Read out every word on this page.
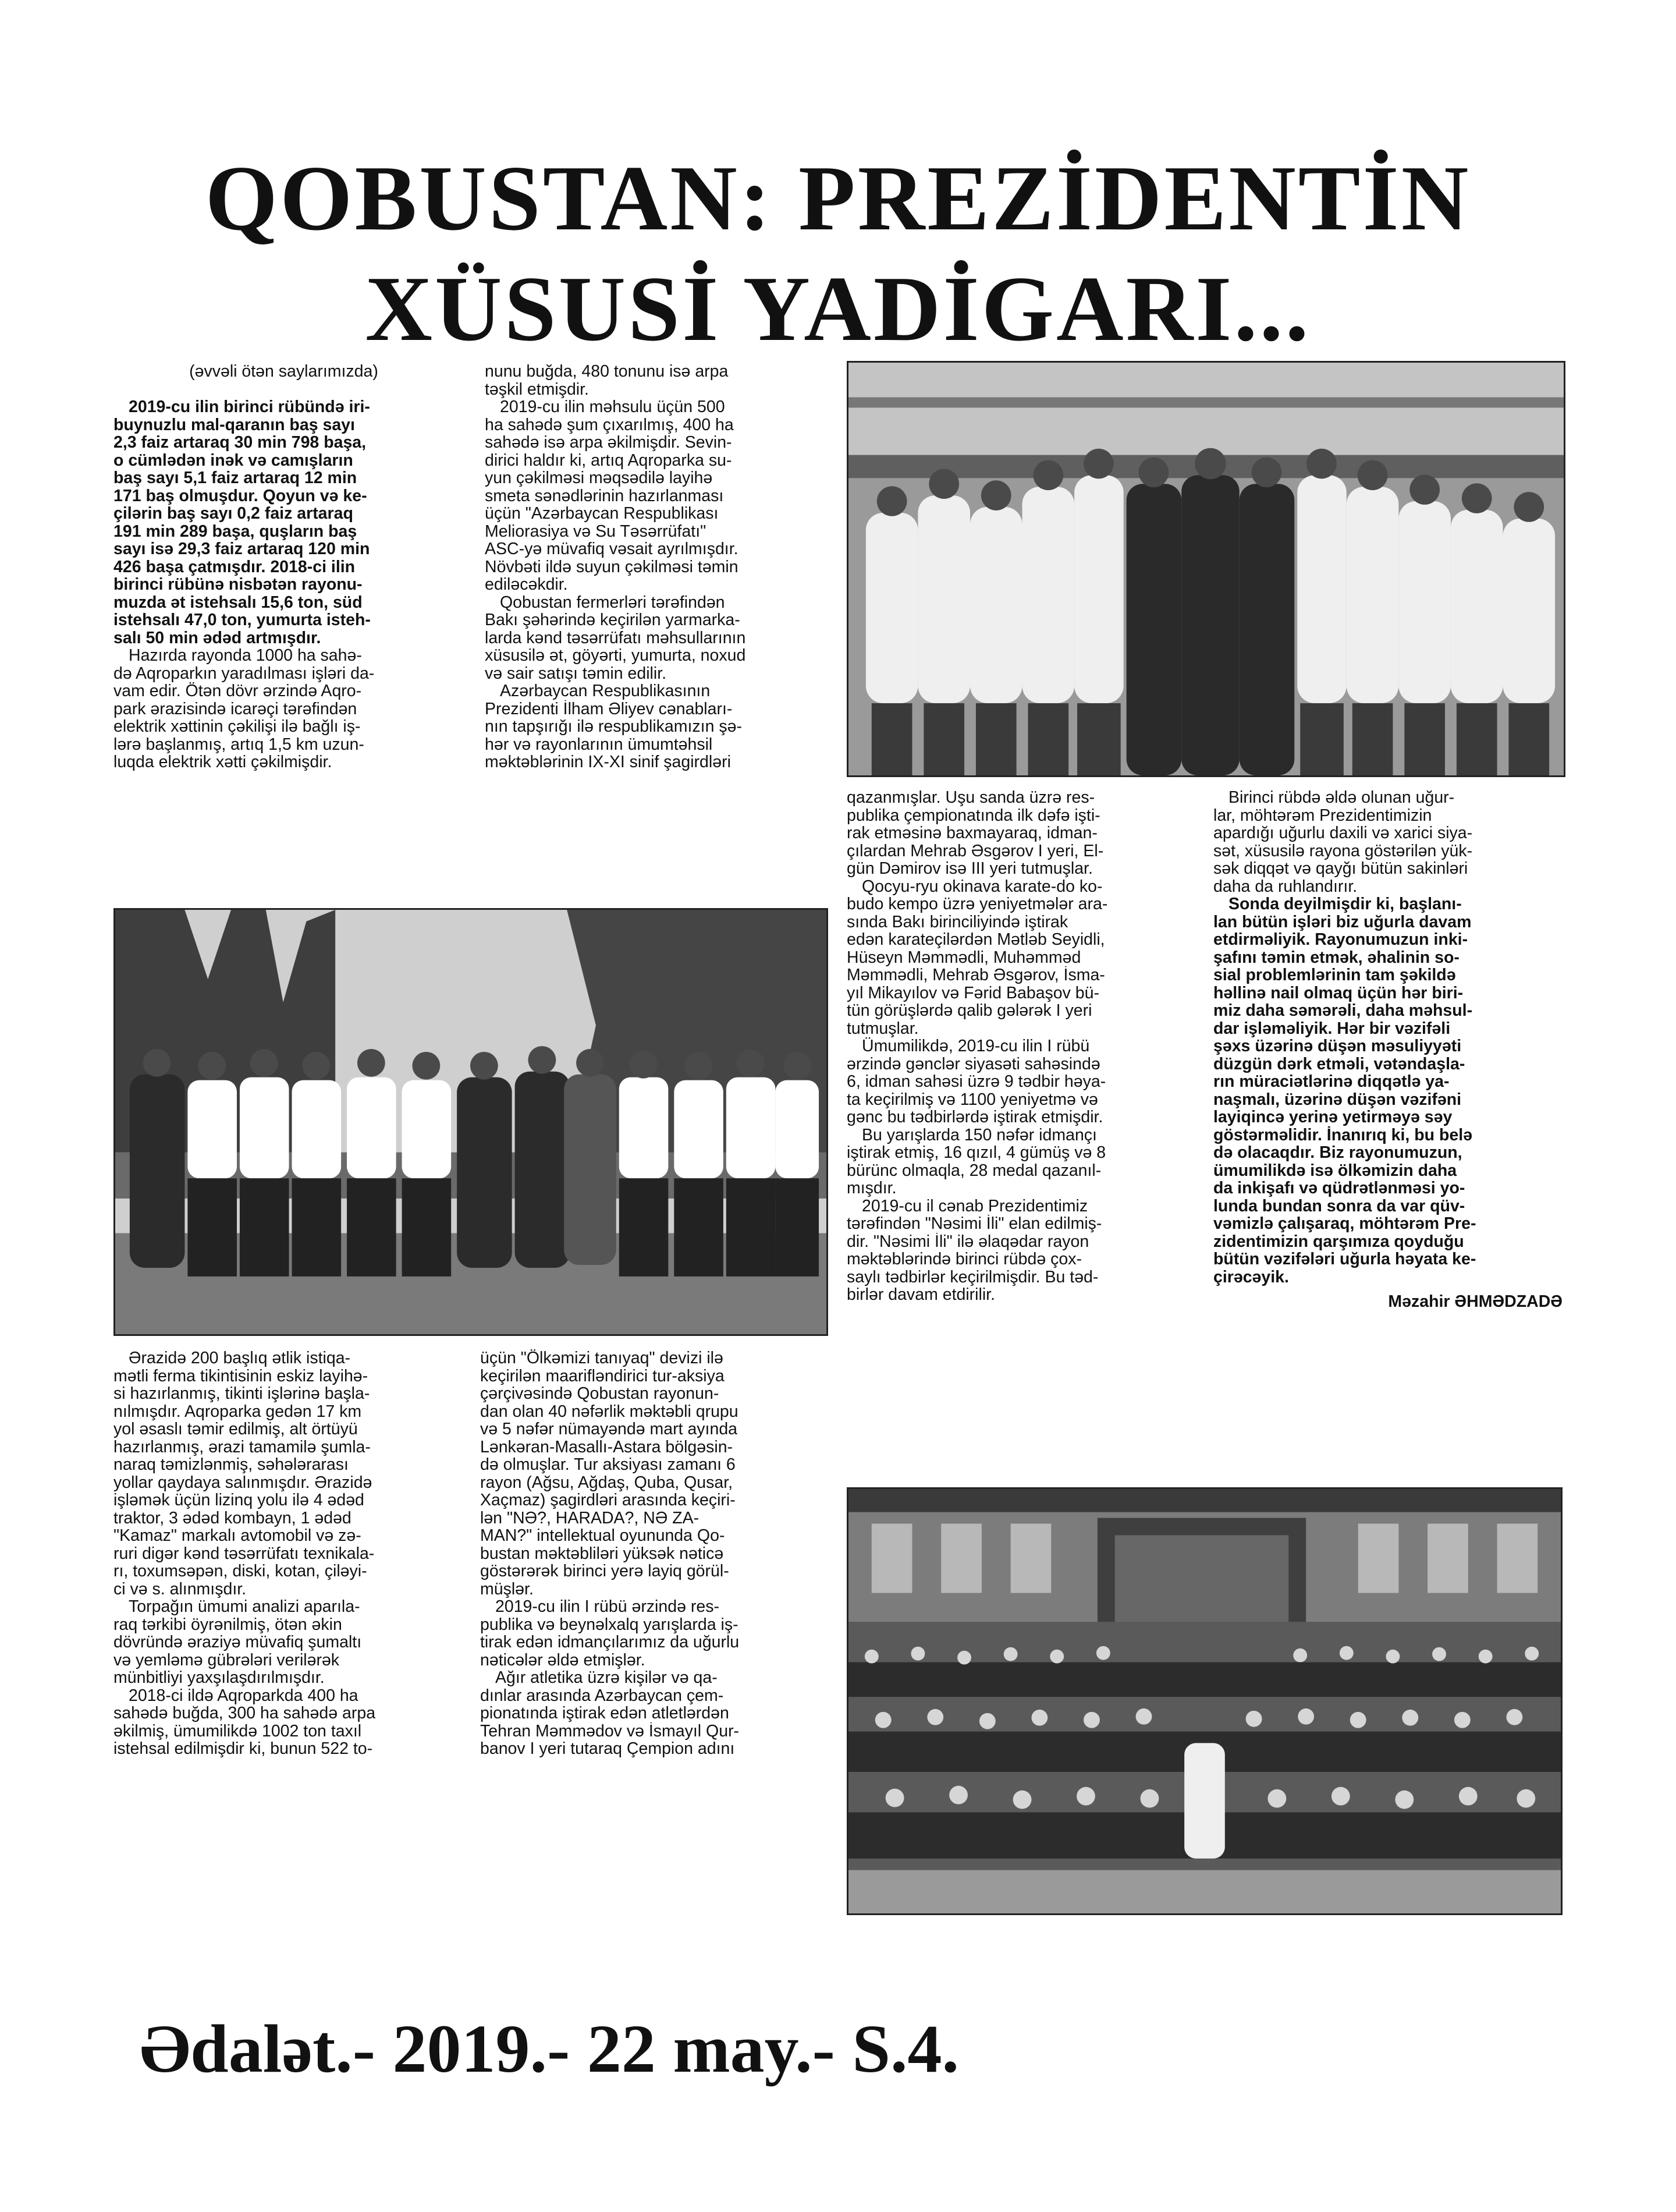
QOBUSTAN: PREZİDENTİN
XÜSUSİ YADİGARI...

(əvvəli ötən saylarımızda)

2019-cu ilin birinci rübündə iri-

buynuzlu mal-qaranın baş sayı

2,3 faiz artaraq 30 min 798 başa,

o cümlədən inək və camışların

baş sayı 5,1 faiz artaraq 12 min

171 baş olmuşdur. Qoyun və ke-

çilərin baş sayı 0,2 faiz artaraq

191 min 289 başa, quşların baş

sayı isə 29,3 faiz artaraq 120 min

426 başa çatmışdır. 2018-ci ilin

birinci rübünə nisbətən rayonu-

muzda ət istehsalı 15,6 ton, süd

istehsalı 47,0 ton, yumurta isteh-

salı 50 min ədəd artmışdır.

Hazırda rayonda 1000 ha sahə-

də Aqroparkın yaradılması işləri da-

vam edir. Ötən dövr ərzində Aqro-

park ərazisində icarəçi tərəfindən

elektrik xəttinin çəkilişi ilə bağlı iş-

lərə başlanmış, artıq 1,5 km uzun-

luqda elektrik xətti çəkilmişdir.

nunu buğda, 480 tonunu isə arpa

təşkil etmişdir.

2019-cu ilin məhsulu üçün 500

ha sahədə şum çıxarılmış, 400 ha

sahədə isə arpa əkilmişdir. Sevin-

dirici haldır ki, artıq Aqroparka su-

yun çəkilməsi məqsədilə layihə

smeta sənədlərinin hazırlanması

üçün "Azərbaycan Respublikası

Meliorasiya və Su Təsərrüfatı"

ASC-yə müvafiq vəsait ayrılmışdır.

Növbəti ildə suyun çəkilməsi təmin

ediləcəkdir.

Qobustan fermerləri tərəfindən

Bakı şəhərində keçirilən yarmarka-

larda kənd təsərrüfatı məhsullarının

xüsusilə ət, göyərti, yumurta, noxud

və sair satışı təmin edilir.

Azərbaycan Respublikasının

Prezidenti İlham Əliyev cənabları-

nın tapşırığı ilə respublikamızın şə-

hər və rayonlarının ümumtəhsil

məktəblərinin IX-XI sinif şagirdləri

qazanmışlar. Uşu sanda üzrə res-

publika çempionatında ilk dəfə işti-

rak etməsinə baxmayaraq, idman-

çılardan Mehrab Əsgərov I yeri, El-

gün Dəmirov isə III yeri tutmuşlar.

Qocyu-ryu okinava karate-do ko-

budo kempo üzrə yeniyetmələr ara-

sında Bakı birinciliyində iştirak

edən karateçilərdən Mətləb Seyidli,

Hüseyn Məmmədli, Muhəmməd

Məmmədli, Mehrab Əsgərov, İsma-

yıl Mikayılov və Fərid Babaşov bü-

tün görüşlərdə qalib gələrək I yeri

tutmuşlar.

Ümumilikdə, 2019-cu ilin I rübü

ərzində gənclər siyasəti sahəsində

6, idman sahəsi üzrə 9 tədbir həya-

ta keçirilmiş və 1100 yeniyetmə və

gənc bu tədbirlərdə iştirak etmişdir.

Bu yarışlarda 150 nəfər idmançı

iştirak etmiş, 16 qızıl, 4 gümüş və 8

bürünc olmaqla, 28 medal qazanıl-

mışdır.

2019-cu il cənab Prezidentimiz

tərəfindən "Nəsimi İli" elan edilmiş-

dir. "Nəsimi İli" ilə əlaqədar rayon

məktəblərində birinci rübdə çox-

saylı tədbirlər keçirilmişdir. Bu təd-

birlər davam etdirilir.

Birinci rübdə əldə olunan uğur-

lar, möhtərəm Prezidentimizin

apardığı uğurlu daxili və xarici siya-

sət, xüsusilə rayona göstərilən yük-

sək diqqət və qayğı bütün sakinləri

daha da ruhlandırır.

Sonda deyilmişdir ki, başlanı-

lan bütün işləri biz uğurla davam

etdirməliyik. Rayonumuzun inki-

şafını təmin etmək, əhalinin so-

sial problemlərinin tam şəkildə

həllinə nail olmaq üçün hər biri-

miz daha səmərəli, daha məhsul-

dar işləməliyik. Hər bir vəzifəli

şəxs üzərinə düşən məsuliyyəti

düzgün dərk etməli, vətəndaşla-

rın müraciətlərinə diqqətlə ya-

naşmalı, üzərinə düşən vəzifəni

layiqincə yerinə yetirməyə səy

göstərməlidir. İnanırıq ki, bu belə

də olacaqdır. Biz rayonumuzun,

ümumilikdə isə ölkəmizin daha

da inkişafı və qüdrətlənməsi yo-

lunda bundan sonra da var qüv-

vəmizlə çalışaraq, möhtərəm Pre-

zidentimizin qarşımıza qoyduğu

bütün vəzifələri uğurla həyata ke-

çirəcəyik.

Məzahir ƏHMƏDZADƏ

Ərazidə 200 başlıq ətlik istiqa-

mətli ferma tikintisinin eskiz layihə-

si hazırlanmış, tikinti işlərinə başla-

nılmışdır. Aqroparka gedən 17 km

yol əsaslı təmir edilmiş, alt örtüyü

hazırlanmış, ərazi tamamilə şumla-

naraq təmizlənmiş, səhələrarası

yollar qaydaya salınmışdır. Ərazidə

işləmək üçün lizinq yolu ilə 4 ədəd

traktor, 3 ədəd kombayn, 1 ədəd

"Kamaz" markalı avtomobil və zə-

ruri digər kənd təsərrüfatı texnikala-

rı, toxumsəpən, diski, kotan, çiləyi-

ci və s. alınmışdır.

Torpağın ümumi analizi aparıla-

raq tərkibi öyrənilmiş, ötən əkin

dövründə əraziyə müvafiq şumaltı

və yemləmə gübrələri verilərək

münbitliyi yaxşılaşdırılmışdır.

2018-ci ildə Aqroparkda 400 ha

sahədə buğda, 300 ha sahədə arpa

əkilmiş, ümumilikdə 1002 ton taxıl

istehsal edilmişdir ki, bunun 522 to-

üçün "Ölkəmizi tanıyaq" devizi ilə

keçirilən maarifləndirici tur-aksiya

çərçivəsində Qobustan rayonun-

dan olan 40 nəfərlik məktəbli qrupu

və 5 nəfər nümayəndə mart ayında

Lənkəran-Masallı-Astara bölgəsin-

də olmuşlar. Tur aksiyası zamanı 6

rayon (Ağsu, Ağdaş, Quba, Qusar,

Xaçmaz) şagirdləri arasında keçiri-

lən "NƏ?, HARADA?, NƏ ZA-

MAN?" intellektual oyununda Qo-

bustan məktəbliləri yüksək nəticə

göstərərək birinci yerə layiq görül-

müşlər.

2019-cu ilin I rübü ərzində res-

publika və beynəlxalq yarışlarda iş-

tirak edən idmançılarımız da uğurlu

nəticələr əldə etmişlər.

Ağır atletika üzrə kişilər və qa-

dınlar arasında Azərbaycan çem-

pionatında iştirak edən atletlərdən

Tehran Məmmədov və İsmayıl Qur-

banov I yeri tutaraq Çempion adını

Ədalət.- 2019.- 22 may.- S.4.
